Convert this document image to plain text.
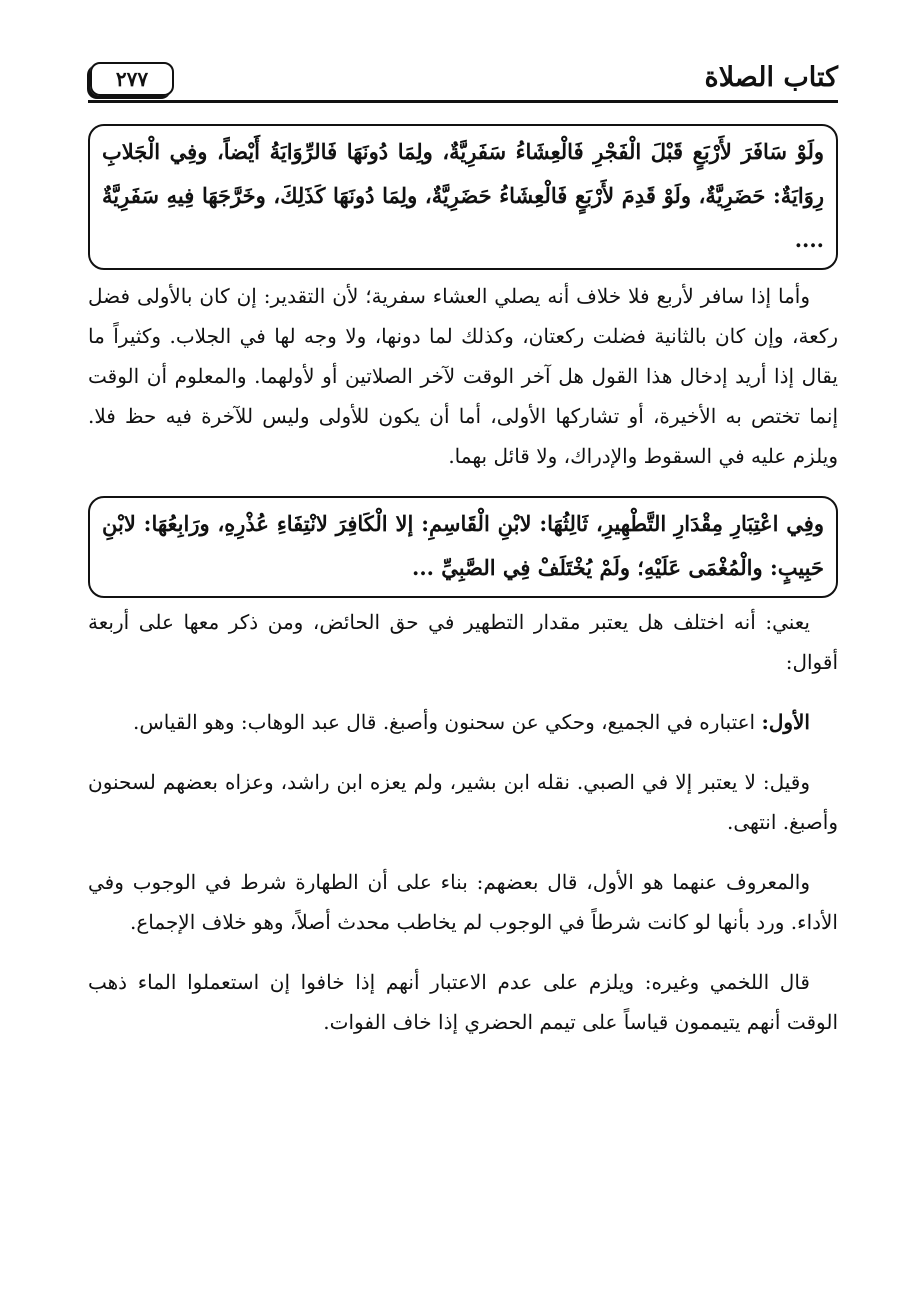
كتاب الصلاة
٢٧٧
ولَوْ سَافَرَ لأَرْبَعٍ قَبْلَ الْفَجْرِ فَالْعِشَاءُ سَفَرِيَّةٌ، ولِمَا دُونَهَا فَالرِّوَايَةُ أَيْضاً، وفِي الْجَلابِ رِوَايَةٌ: حَضَرِيَّةٌ، ولَوْ قَدِمَ لأَرْبَعٍ فَالْعِشَاءُ حَضَرِيَّةٌ، ولِمَا دُونَهَا كَذَلِكَ، وخَرَّجَهَا فِيهِ سَفَرِيَّةٌ ....

وأما إذا سافر لأربع فلا خلاف أنه يصلي العشاء سفرية؛ لأن التقدير: إن كان بالأولى فضل ركعة، وإن كان بالثانية فضلت ركعتان، وكذلك لما دونها، ولا وجه لها في الجلاب. وكثيراً ما يقال إذا أريد إدخال هذا القول هل آخر الوقت لآخر الصلاتين أو لأولهما. والمعلوم أن الوقت إنما تختص به الأخيرة، أو تشاركها الأولى، أما أن يكون للأولى وليس للآخرة فيه حظ فلا. ويلزم عليه في السقوط والإدراك، ولا قائل بهما.

وفِي اعْتِبَارِ مِقْدَارِ التَّطْهِيرِ، ثَالِثُهَا: لابْنِ الْقَاسِمِ: إلا الْكَافِرَ لانْتِفَاءِ عُذْرِهِ، ورَابِعُهَا: لابْنِ حَبِيبٍ: والْمُغْمَى عَلَيْهِ؛ ولَمْ يُخْتَلَفْ فِي الصَّبِيِّ ...

يعني: أنه اختلف هل يعتبر مقدار التطهير في حق الحائض، ومن ذكر معها على أربعة أقوال:

الأول: اعتباره في الجميع، وحكي عن سحنون وأصبغ. قال عبد الوهاب: وهو القياس.

وقيل: لا يعتبر إلا في الصبي. نقله ابن بشير، ولم يعزه ابن راشد، وعزاه بعضهم لسحنون وأصبغ. انتهى.

والمعروف عنهما هو الأول، قال بعضهم: بناء على أن الطهارة شرط في الوجوب وفي الأداء. ورد بأنها لو كانت شرطاً في الوجوب لم يخاطب محدث أصلاً، وهو خلاف الإجماع.

قال اللخمي وغيره: ويلزم على عدم الاعتبار أنهم إذا خافوا إن استعملوا الماء ذهب الوقت أنهم يتيممون قياساً على تيمم الحضري إذا خاف الفوات.
